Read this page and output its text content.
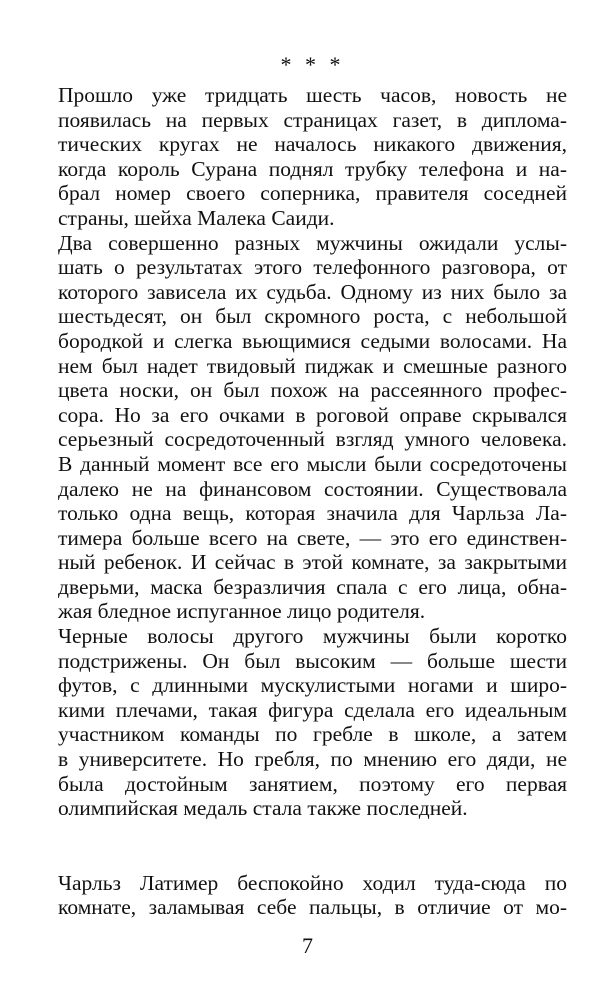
* * *
Прошло уже тридцать шесть часов, новость не
появилась на первых страницах газет, в диплома-
тических кругах не началось никакого движения,
когда король Сурана поднял трубку телефона и на-
брал номер своего соперника, правителя соседней
страны, шейха Малека Саиди.
Два совершенно разных мужчины ожидали услы-
шать о результатах этого телефонного разговора, от
которого зависела их судьба. Одному из них было за
шестьдесят, он был скромного роста, с небольшой
бородкой и слегка вьющимися седыми волосами. На
нем был надет твидовый пиджак и смешные разного
цвета носки, он был похож на рассеянного профес-
сора. Но за его очками в роговой оправе скрывался
серьезный сосредоточенный взгляд умного человека.
В данный момент все его мысли были сосредоточены
далеко не на финансовом состоянии. Существовала
только одна вещь, которая значила для Чарльза Ла-
тимера больше всего на свете, — это его единствен-
ный ребенок. И сейчас в этой комнате, за закрытыми
дверьми, маска безразличия спала с его лица, обна-
жая бледное испуганное лицо родителя.
Черные волосы другого мужчины были коротко
подстрижены. Он был высоким — больше шести
футов, с длинными мускулистыми ногами и широ-
кими плечами, такая фигура сделала его идеальным
участником команды по гребле в школе, а затем
в университете. Но гребля, по мнению его дяди, не
была достойным занятием, поэтому его первая
олимпийская медаль стала также последней.
Чарльз Латимер беспокойно ходил туда-сюда по
комнате, заламывая себе пальцы, в отличие от мо-
7
